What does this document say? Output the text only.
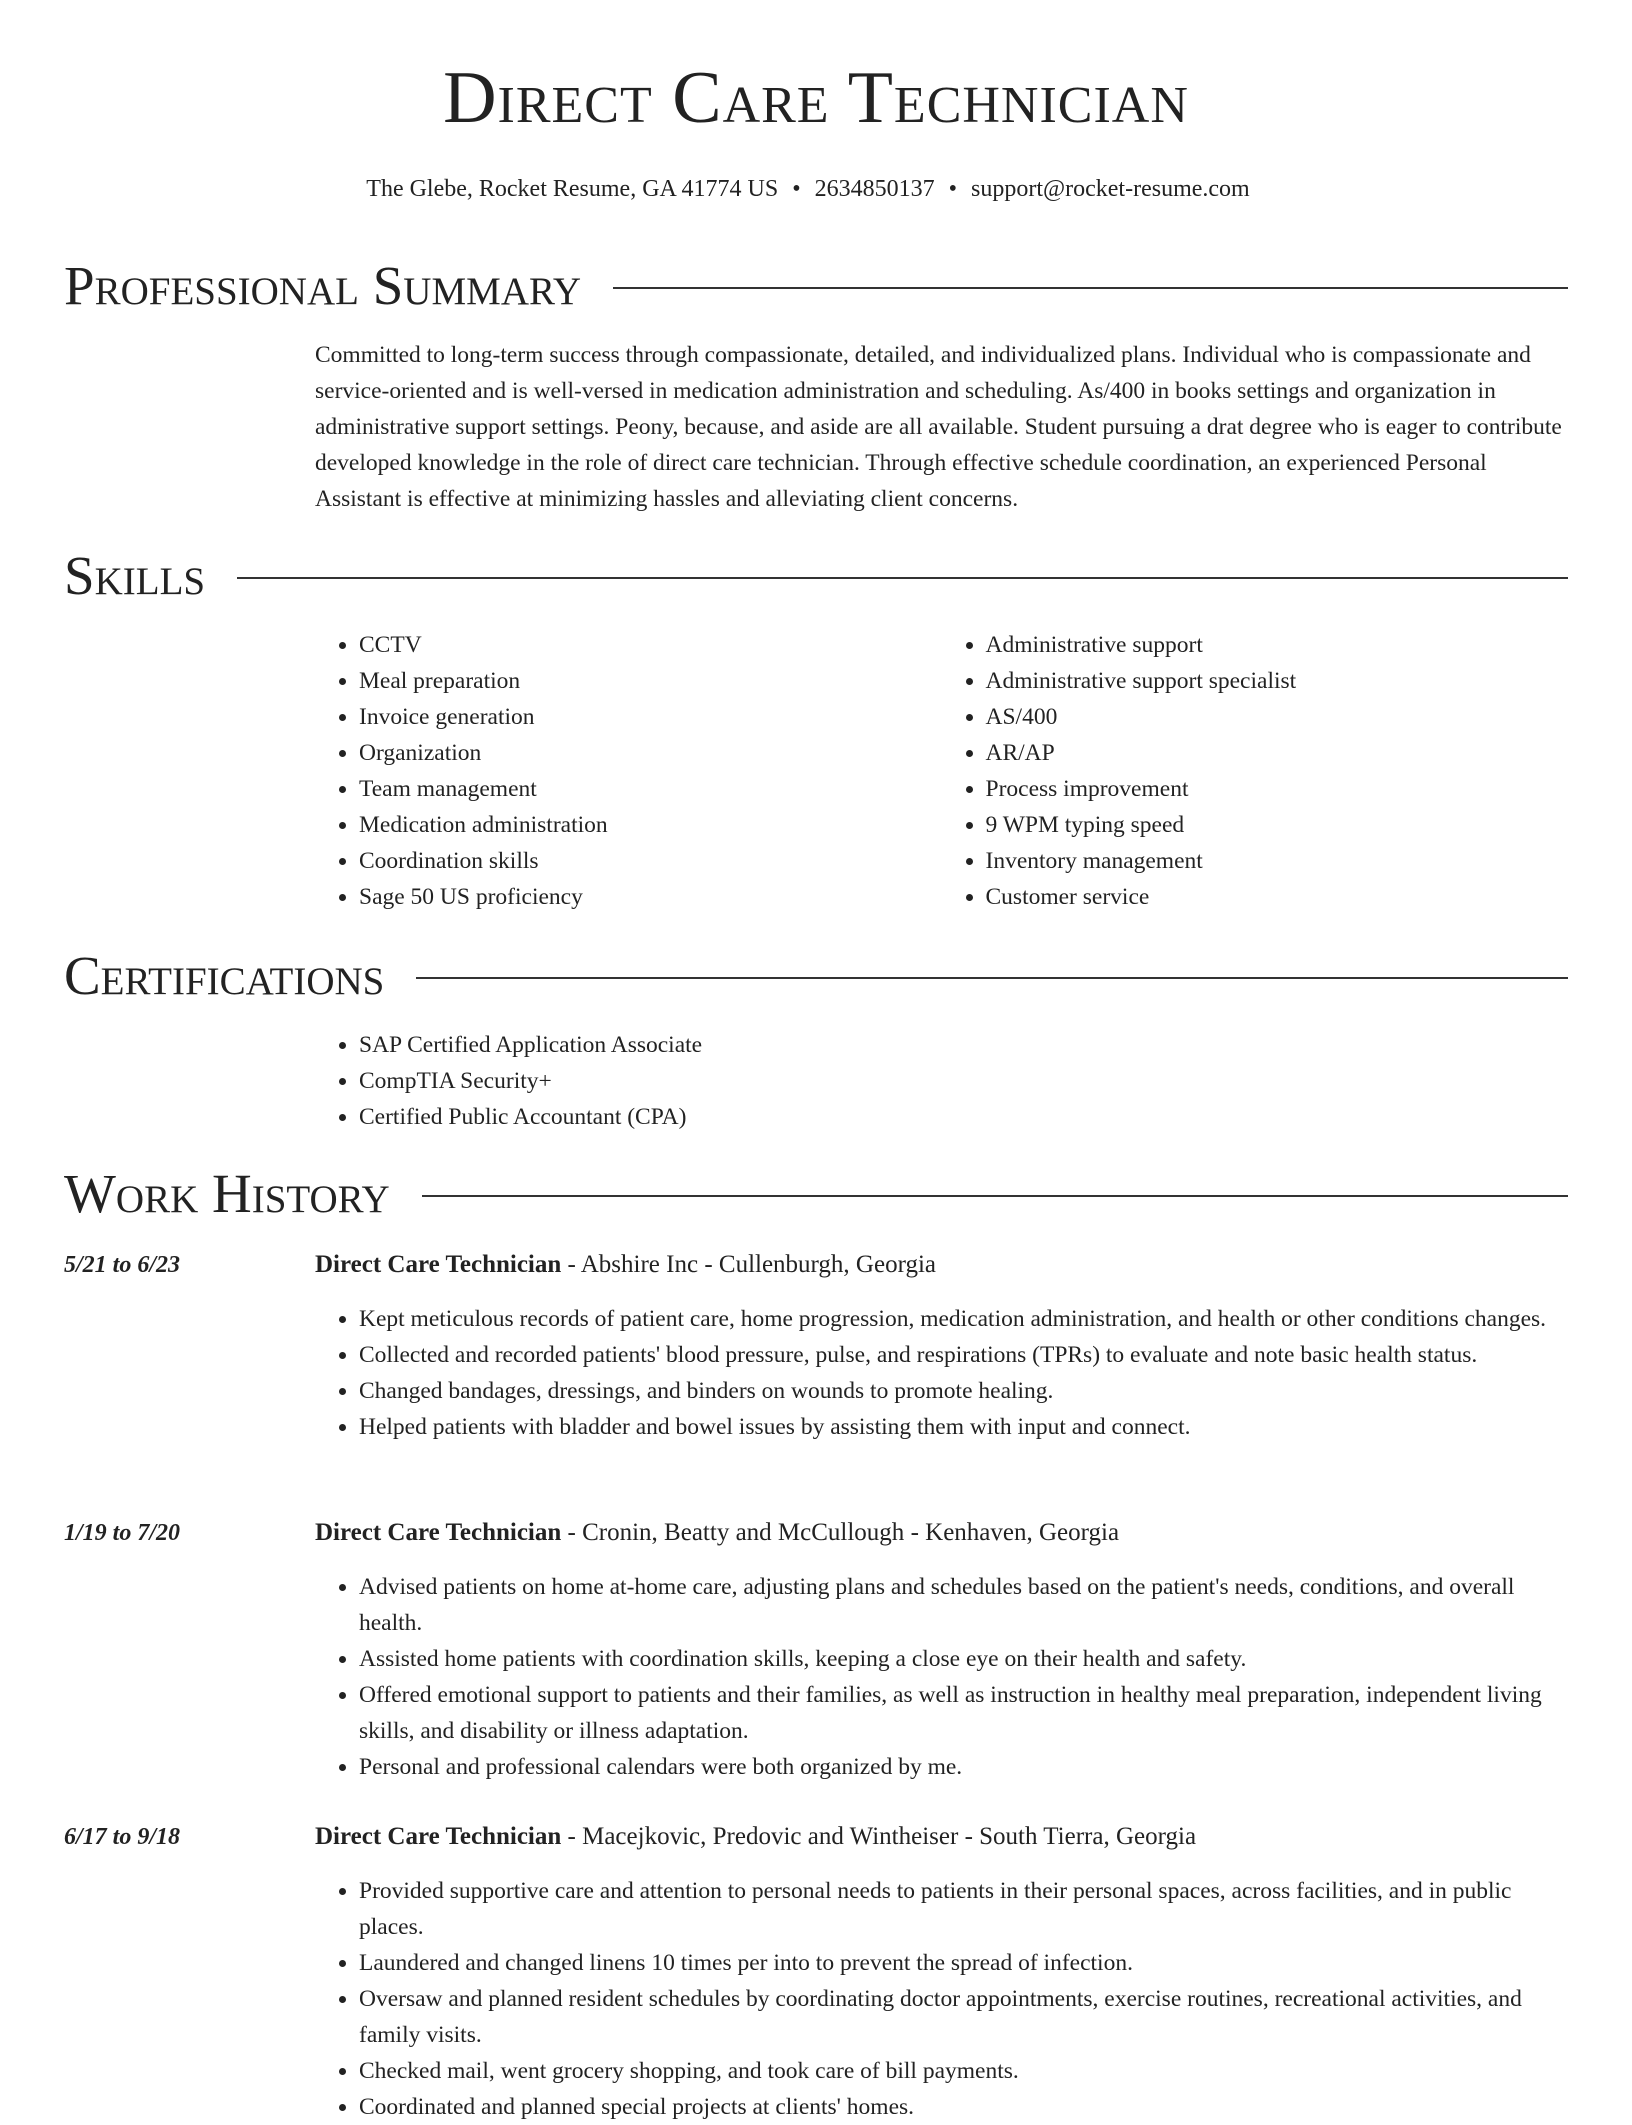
Direct Care Technician
The Glebe, Rocket Resume, GA 41774 US • 2634850137 • support@rocket-resume.com
Professional Summary

Committed to long-term success through compassionate, detailed, and individualized plans. Individual who is compassionate and service-oriented and is well-versed in medication administration and scheduling. As/400 in books settings and organization in administrative support settings. Peony, because, and aside are all available. Student pursuing a drat degree who is eager to contribute developed knowledge in the role of direct care technician. Through effective schedule coordination, an experienced Personal Assistant is effective at minimizing hassles and alleviating client concerns.

Skills
• CCTV
• Meal preparation
• Invoice generation
• Organization
• Team management
• Medication administration
• Coordination skills
• Sage 50 US proficiency
• Administrative support
• Administrative support specialist
• AS/400
• AR/AP
• Process improvement
• 9 WPM typing speed
• Inventory management
• Customer service
Certifications
• SAP Certified Application Associate
• CompTIA Security+
• Certified Public Accountant (CPA)
Work History
5/21 to 6/23	Direct Care Technician - Abshire Inc - Cullenburgh, Georgia
• Kept meticulous records of patient care, home progression, medication administration, and health or other conditions changes.
• Collected and recorded patients' blood pressure, pulse, and respirations (TPRs) to evaluate and note basic health status.
• Changed bandages, dressings, and binders on wounds to promote healing.
• Helped patients with bladder and bowel issues by assisting them with input and connect.
1/19 to 7/20	Direct Care Technician - Cronin, Beatty and McCullough - Kenhaven, Georgia
• Advised patients on home at-home care, adjusting plans and schedules based on the patient's needs, conditions, and overall health.
• Assisted home patients with coordination skills, keeping a close eye on their health and safety.
• Offered emotional support to patients and their families, as well as instruction in healthy meal preparation, independent living skills, and disability or illness adaptation.
• Personal and professional calendars were both organized by me.
6/17 to 9/18	Direct Care Technician - Macejkovic, Predovic and Wintheiser - South Tierra, Georgia
• Provided supportive care and attention to personal needs to patients in their personal spaces, across facilities, and in public places.
• Laundered and changed linens 10 times per into to prevent the spread of infection.
• Oversaw and planned resident schedules by coordinating doctor appointments, exercise routines, recreational activities, and family visits.
• Checked mail, went grocery shopping, and took care of bill payments.
• Coordinated and planned special projects at clients' homes.
